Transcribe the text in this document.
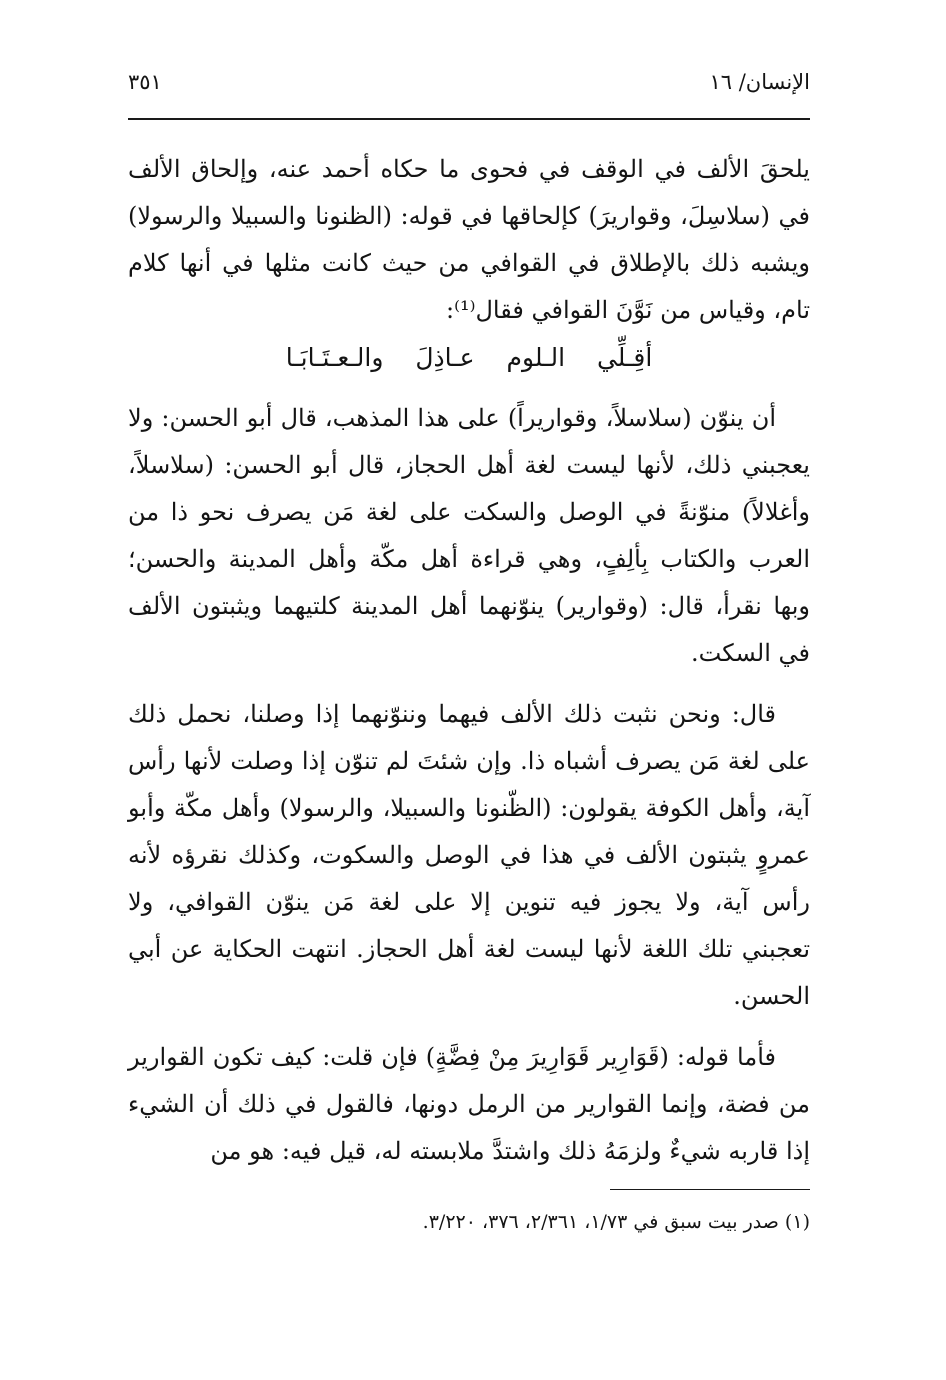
الإنسان/ ١٦
٣٥١

يلحقَ الألف في الوقف في فحوى ما حكاه أحمد عنه، وإلحاق الألف في (سلاسِلَ، وقواريرَ) كإلحاقها في قوله: (الظنونا والسبيلا والرسولا) ويشبه ذلك بالإطلاق في القوافي من حيث كانت مثلها في أنها كلام تام، وقياس من نَوَّنَ القوافي فقال⁽¹⁾:

أقِـلِّي الـلوم عـاذِلَ والـعـتَـابَـا

أن ينوّن (سلاسلاً، وقواريراً) على هذا المذهب، قال أبو الحسن: ولا يعجبني ذلك، لأنها ليست لغة أهل الحجاز، قال أبو الحسن: (سلاسلاً، وأغلالاً) منوّنةً في الوصل والسكت على لغة مَن يصرف نحو ذا من العرب والكتاب بِألِفٍ، وهي قراءة أهل مكّة وأهل المدينة والحسن؛ وبها نقرأ، قال: (وقوارير) ينوّنهما أهل المدينة كلتيهما ويثبتون الألف في السكت.

قال: ونحن نثبت ذلك الألف فيهما وننوّنهما إذا وصلنا، نحمل ذلك على لغة مَن يصرف أشباه ذا. وإن شئتَ لم تنوّن إذا وصلت لأنها رأس آية، وأهل الكوفة يقولون: (الظّنونا والسبيلا، والرسولا) وأهل مكّة وأبو عمروٍ يثبتون الألف في هذا في الوصل والسكوت، وكذلك نقرؤه لأنه رأس آية، ولا يجوز فيه تنوين إلا على لغة مَن ينوّن القوافي، ولا تعجبني تلك اللغة لأنها ليست لغة أهل الحجاز. انتهت الحكاية عن أبي الحسن.

فأما قوله: (قَوَارِير قَوَارِيرَ مِنْ فِضَّةٍ) فإن قلت: كيف تكون القوارير من فضة، وإنما القوارير من الرمل دونها، فالقول في ذلك أن الشيء إذا قاربه شيءٌ ولزمَهُ ذلك واشتدَّ ملابسته له، قيل فيه: هو من

(١) صدر بيت سبق في ١/٧٣، ٢/٣٦١، ٣٧٦، ٣/٢٢٠.
